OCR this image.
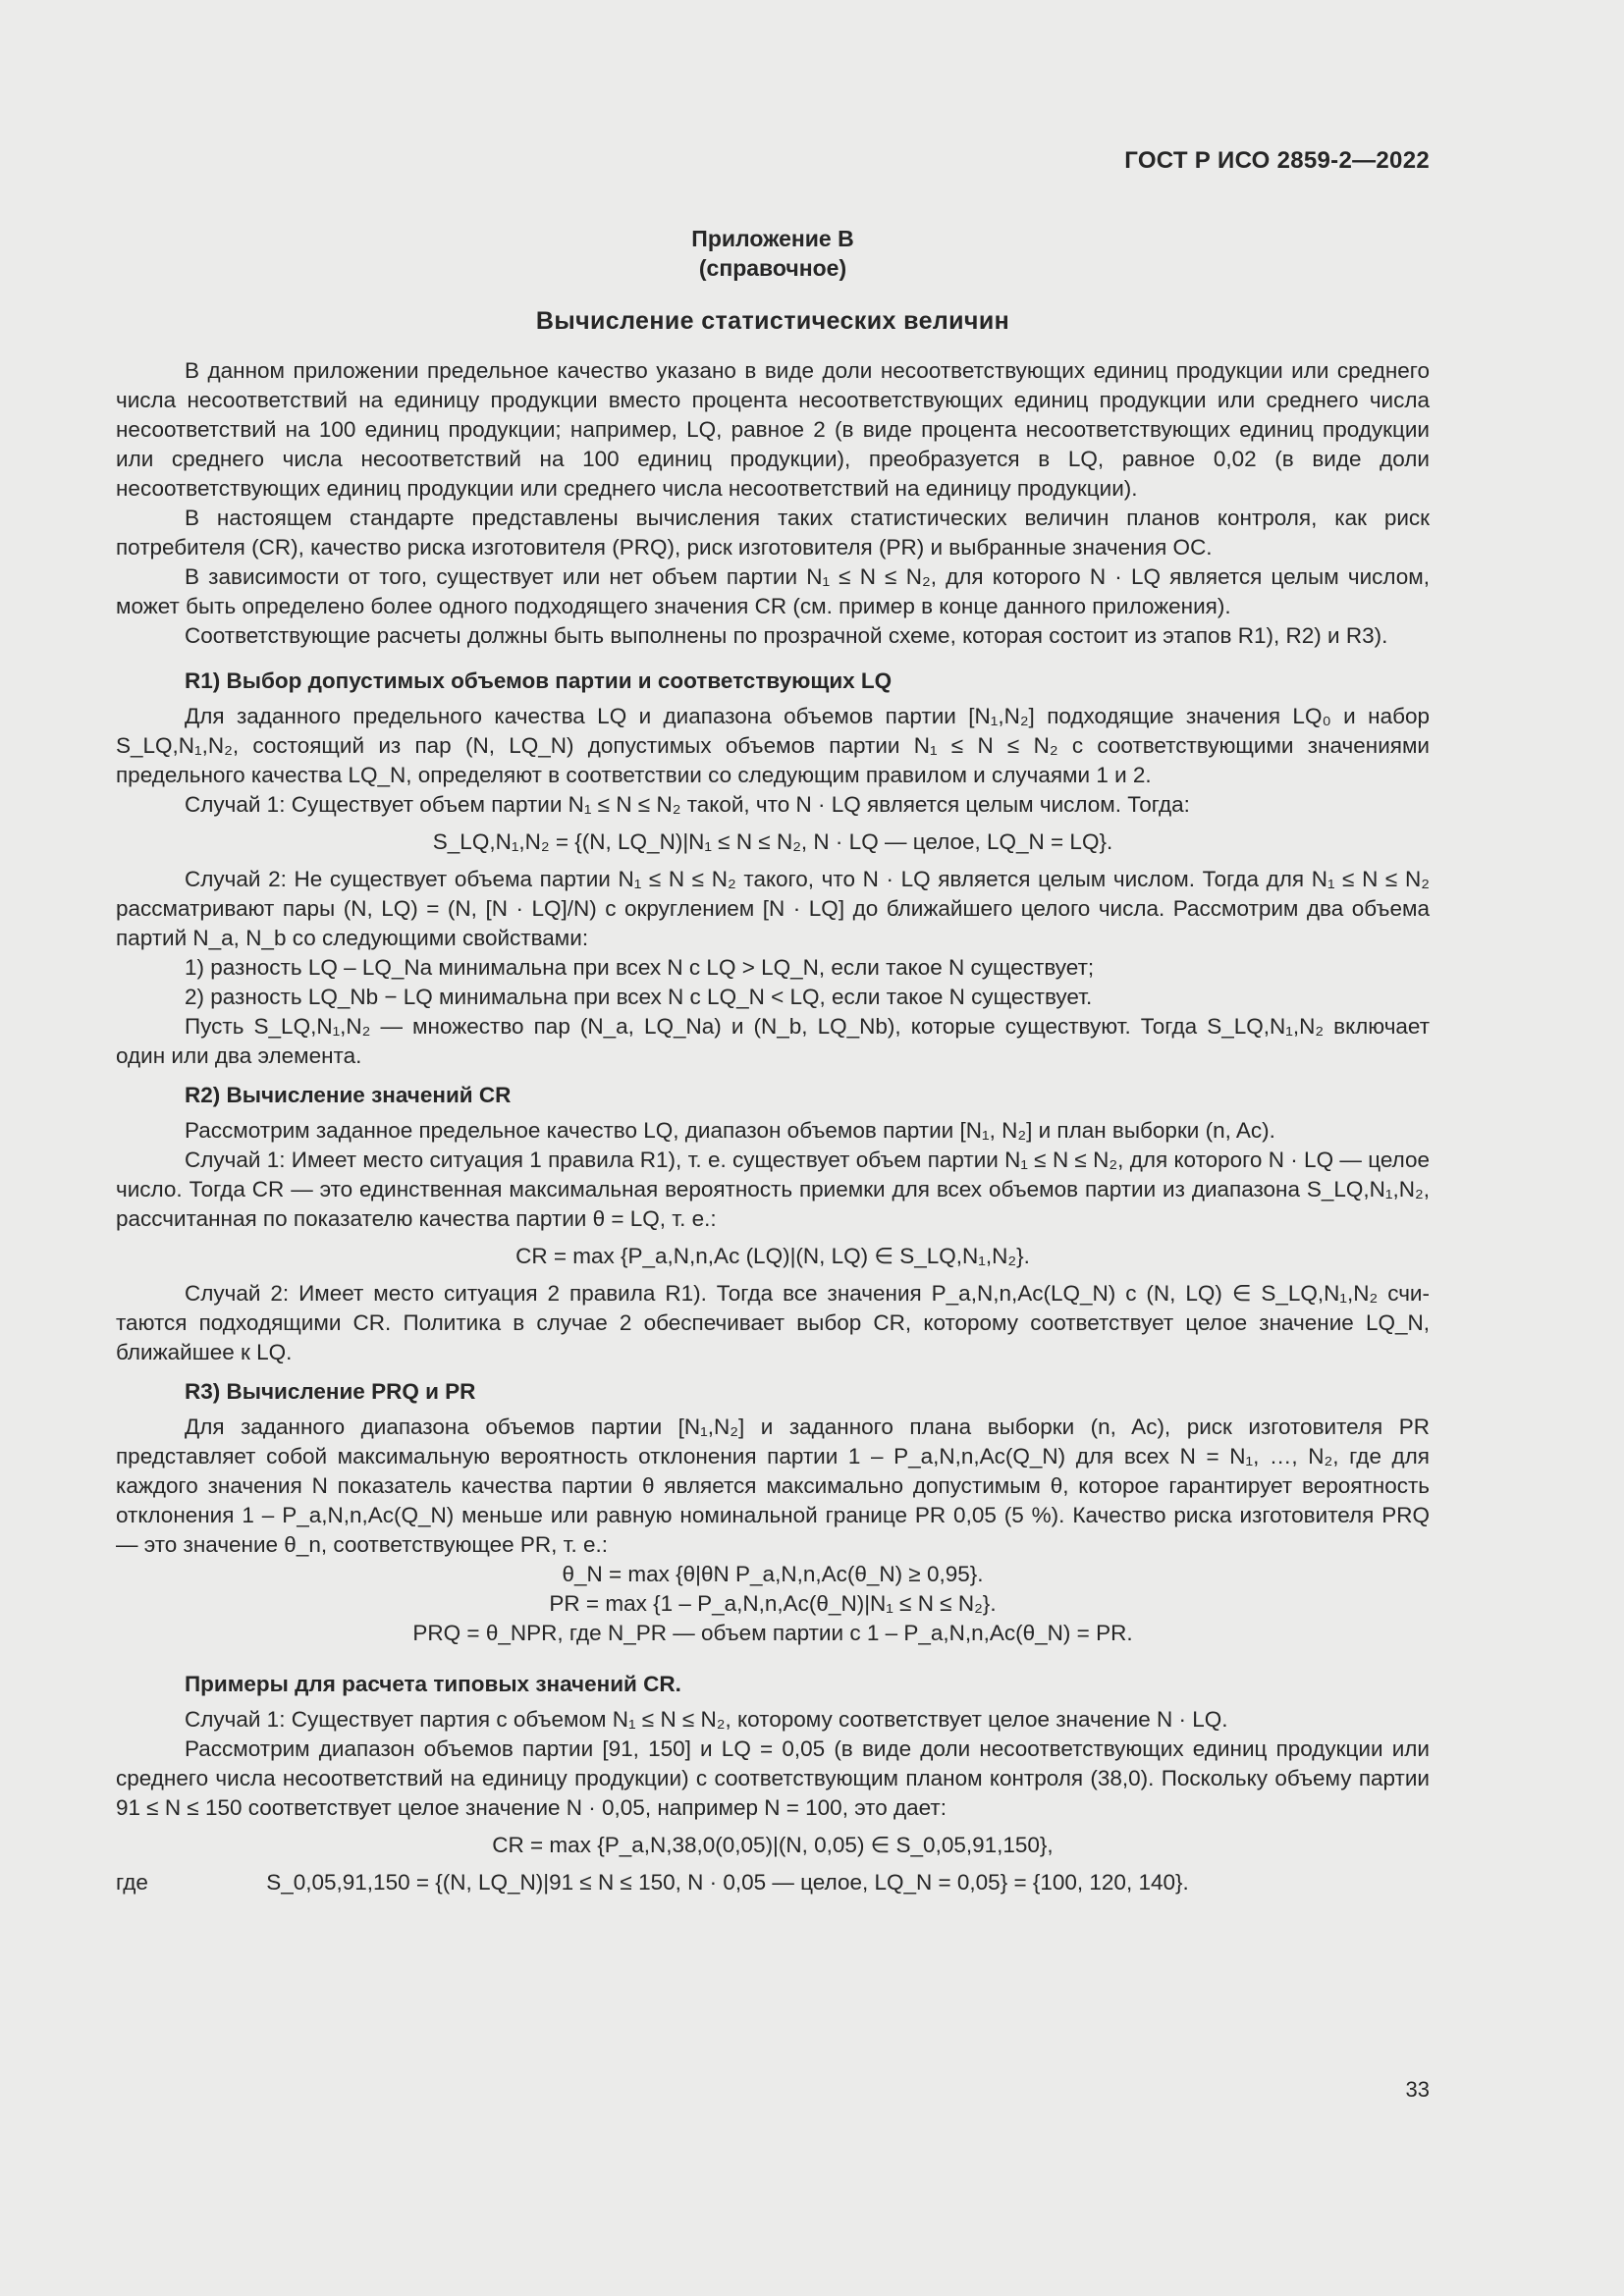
ГОСТ Р ИСО 2859-2—2022
Приложение В
(справочное)
Вычисление статистических величин

В данном приложении предельное качество указано в виде доли несоответствующих единиц продукции или среднего числа несоответствий на единицу продукции вместо процента несоответствующих единиц продукции или среднего числа несоответствий на 100 единиц продукции; например, LQ, равное 2 (в виде процента несоответствующих единиц продукции или среднего числа несоответствий на 100 единиц продукции), преобразуется в LQ, равное 0,02 (в виде доли несоответствующих единиц продукции или среднего числа несоответствий на единицу продукции).

В настоящем стандарте представлены вычисления таких статистических величин планов контроля, как риск потребителя (CR), качество риска изготовителя (PRQ), риск изготовителя (PR) и выбранные значения ОС.

В зависимости от того, существует или нет объем партии N₁ ≤ N ≤ N₂, для которого N · LQ является целым числом, может быть определено более одного подходящего значения CR (см. пример в конце данного приложения).

Соответствующие расчеты должны быть выполнены по прозрачной схеме, которая состоит из этапов R1), R2) и R3).

R1) Выбор допустимых объемов партии и соответствующих LQ

Для заданного предельного качества LQ и диапазона объемов партии [N₁,N₂] подходящие значения LQ₀ и набор S_LQ,N₁,N₂, состоящий из пар (N, LQ_N) допустимых объемов партии N₁ ≤ N ≤ N₂ с соответствующими значениями предельного качества LQ_N, определяют в соответствии со следующим правилом и случаями 1 и 2.

Случай 1: Существует объем партии N₁ ≤ N ≤ N₂ такой, что N · LQ является целым числом. Тогда:

S_LQ,N₁,N₂ = {(N, LQ_N)|N₁ ≤ N ≤ N₂, N · LQ — целое, LQ_N = LQ}.

Случай 2: Не существует объема партии N₁ ≤ N ≤ N₂ такого, что N · LQ является целым числом. Тогда для N₁ ≤ N ≤ N₂ рассматривают пары (N, LQ) = (N, [N · LQ]/N) с округлением [N · LQ] до ближайшего целого числа. Рассмотрим два объема партий N_a, N_b со следующими свойствами:

1) разность LQ – LQ_Na минимальна при всех N с LQ > LQ_N, если такое N существует;
2) разность LQ_Nb − LQ минимальна при всех N с LQ_N < LQ, если такое N существует.

Пусть S_LQ,N₁,N₂ — множество пар (N_a, LQ_Na) и (N_b, LQ_Nb), которые существуют. Тогда S_LQ,N₁,N₂ включает один или два элемента.

R2) Вычисление значений CR

Рассмотрим заданное предельное качество LQ, диапазон объемов партии [N₁, N₂] и план выборки (n, Ac).

Случай 1: Имеет место ситуация 1 правила R1), т. е. существует объем партии N₁ ≤ N ≤ N₂, для которого N · LQ — целое число. Тогда CR — это единственная максимальная вероятность приемки для всех объемов партии из диапазона S_LQ,N₁,N₂, рассчитанная по показателю качества партии θ = LQ, т. е.:

CR = max {P_a,N,n,Ac (LQ)|(N, LQ) ∈ S_LQ,N₁,N₂}.

Случай 2: Имеет место ситуация 2 правила R1). Тогда все значения P_a,N,n,Ac(LQ_N) с (N, LQ) ∈ S_LQ,N₁,N₂ считаются подходящими CR. Политика в случае 2 обеспечивает выбор CR, которому соответствует целое значение LQ_N, ближайшее к LQ.

R3) Вычисление PRQ и PR

Для заданного диапазона объемов партии [N₁,N₂] и заданного плана выборки (n, Ac), риск изготовителя PR представляет собой максимальную вероятность отклонения партии 1 – P_a,N,n,Ac(Q_N) для всех N = N₁, …, N₂, где для каждого значения N показатель качества партии θ является максимально допустимым θ, которое гарантирует вероятность отклонения 1 – P_a,N,n,Ac(Q_N) меньше или равную номинальной границе PR 0,05 (5 %). Качество риска изготовителя PRQ — это значение θ_n, соответствующее PR, т. е.:

θ_N = max {θ|θN P_a,N,n,Ac(θ_N) ≥ 0,95}.
PR = max {1 – P_a,N,n,Ac(θ_N)|N₁ ≤ N ≤ N₂}.
PRQ = θ_NPR, где N_PR — объем партии с 1 – P_a,N,n,Ac(θ_N) = PR.
Примеры для расчета типовых значений CR.

Случай 1: Существует партия с объемом N₁ ≤ N ≤ N₂, которому соответствует целое значение N · LQ.

Рассмотрим диапазон объемов партии [91, 150] и LQ = 0,05 (в виде доли несоответствующих единиц продукции или среднего числа несоответствий на единицу продукции) с соответствующим планом контроля (38,0). Поскольку объему партии 91 ≤ N ≤ 150 соответствует целое значение N · 0,05, например N = 100, это дает:

CR = max {P_a,N,38,0(0,05)|(N, 0,05) ∈ S_0,05,91,150},
где	S_0,05,91,150 = {(N, LQ_N)|91 ≤ N ≤ 150, N · 0,05 — целое, LQ_N = 0,05} = {100, 120, 140}.
33
